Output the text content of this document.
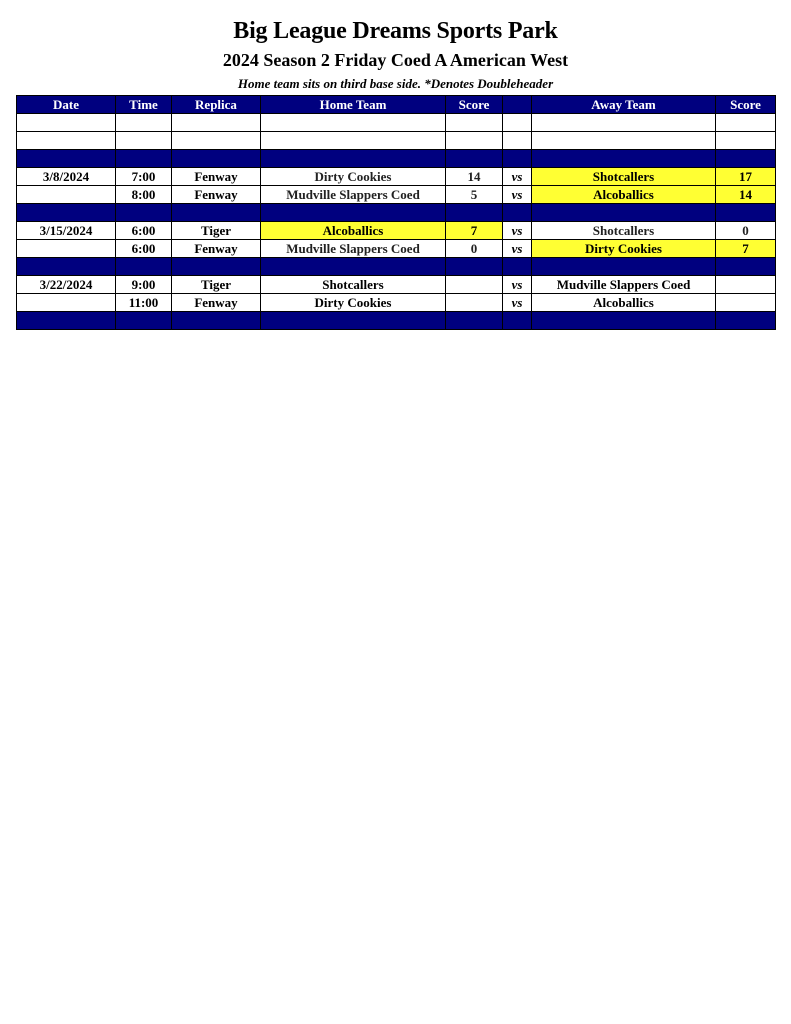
Big League Dreams Sports Park
2024 Season 2 Friday Coed A American West
Home team sits on third base side. *Denotes Doubleheader
Date	Time	Replica	Home Team	Score		Away Team	Score

3/8/2024	7:00	Fenway	Dirty Cookies	14	vs	Shotcallers	17
	8:00	Fenway	Mudville Slappers Coed	5	vs	Alcoballics	14

3/15/2024	6:00	Tiger	Alcoballics	7	vs	Shotcallers	0
	6:00	Fenway	Mudville Slappers Coed	0	vs	Dirty Cookies	7

3/22/2024	9:00	Tiger	Shotcallers		vs	Mudville Slappers Coed	
	11:00	Fenway	Dirty Cookies		vs	Alcoballics	
